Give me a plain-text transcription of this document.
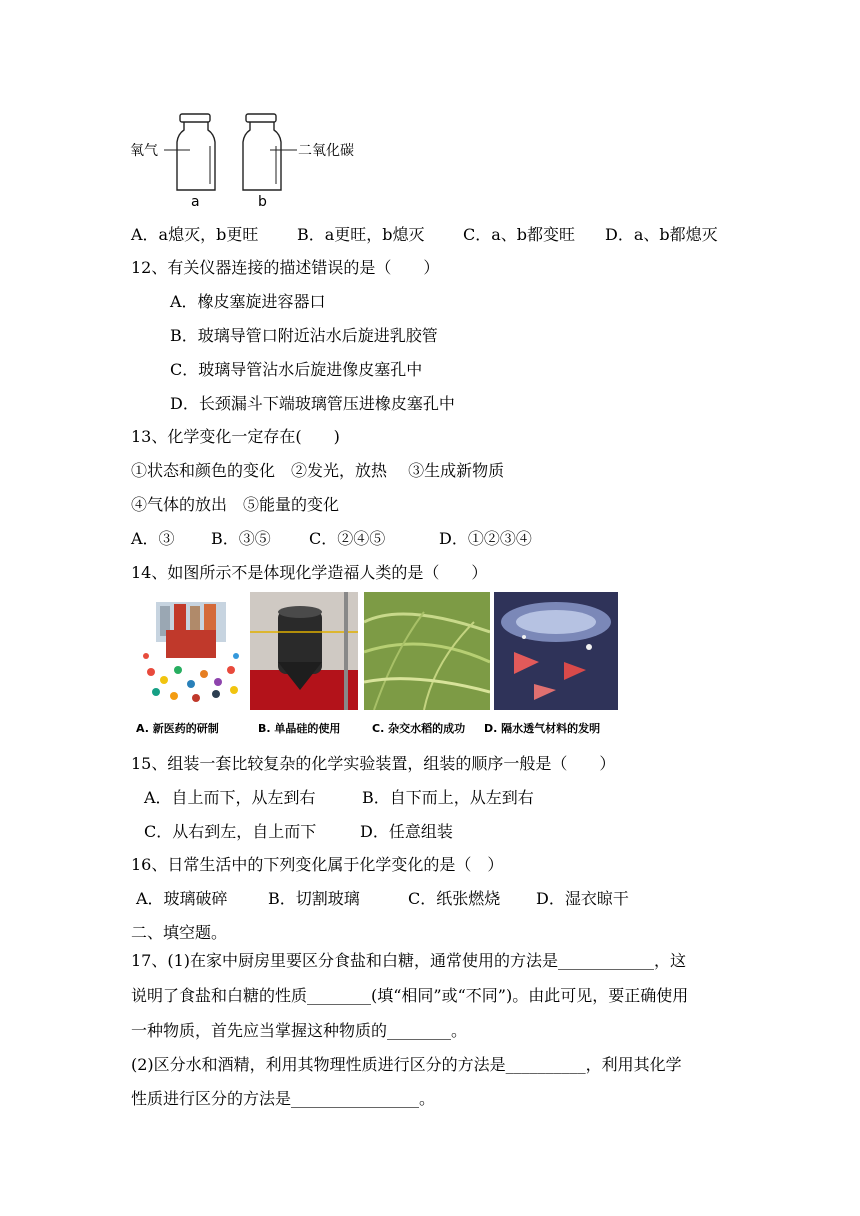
氧气	二氧化碳
a	b
A．a熄灭，b更旺 B．a更旺，b熄灭 C．a、b都变旺 D．a、b都熄灭
12、有关仪器连接的描述错误的是（　　）
A．橡皮塞旋进容器口
B．玻璃导管口附近沾水后旋进乳胶管
C．玻璃导管沾水后旋进像皮塞孔中
D．长颈漏斗下端玻璃管压进橡皮塞孔中
13、化学变化一定存在(　　)
①状态和颜色的变化　②发光，放热　 ③生成新物质
④气体的放出　⑤能量的变化
A．③ B．③⑤ C．②④⑤	D．①②③④
14、如图所示不是体现化学造福人类的是（　　）
A. 新医药的研制	B. 单晶硅的使用	C. 杂交水稻的成功 D. 隔水透气材料的发明
15、组装一套比较复杂的化学实验装置，组装的顺序一般是（　　）
A．自上而下，从左到右	B．自下而上，从左到右
C．从右到左，自上而下	D．任意组装
16、日常生活中的下列变化属于化学变化的是（　）
A．玻璃破碎	B．切割玻璃	C．纸张燃烧 D．湿衣晾干
二、填空题。
17、(1)在家中厨房里要区分食盐和白糖，通常使用的方法是____________，这
说明了食盐和白糖的性质________(填“相同”或“不同”)。由此可见，要正确使用
一种物质，首先应当掌握这种物质的________。
(2)区分水和酒精，利用其物理性质进行区分的方法是__________，利用其化学
性质进行区分的方法是________________。
